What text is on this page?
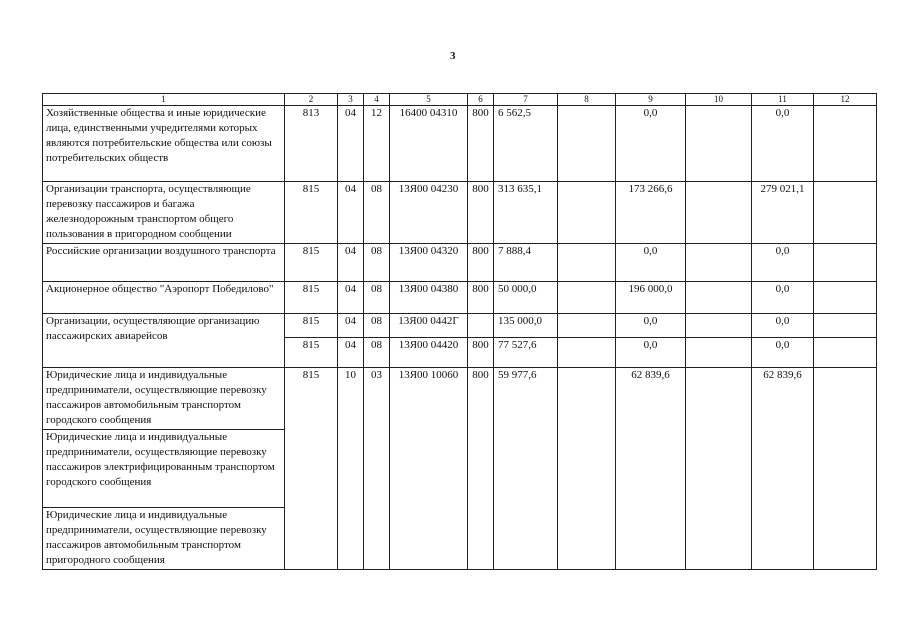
3
1	2	3	4	5	6	7	8	9	10	11	12
Хозяйственные общества и иные юридические лица, единственными учредителями которых являются потребительские общества или союзы потребительских обществ	813	04	12	16400 04310	800	6 562,5		0,0		0,0	
Организации транспорта, осуществляющие перевозку пассажиров и багажа железнодорожным транспортом общего пользования в пригородном сообщении	815	04	08	13Я00 04230	800	313 635,1		173 266,6		279 021,1	
Российские организации воздушного транспорта	815	04	08	13Я00 04320	800	7 888,4		0,0		0,0	
Акционерное общество "Аэропорт Победилово"	815	04	08	13Я00 04380	800	50 000,0		196 000,0		0,0	
Организации, осуществляющие организацию пассажирских авиарейсов	815	04	08	13Я00 0442Г		135 000,0		0,0		0,0	
	815	04	08	13Я00 04420	800	77 527,6		0,0		0,0	
Юридические лица и индивидуальные предприниматели, осуществляющие перевозку пассажиров автомобильным транспортом городского сообщения	815	10	03	13Я00 10060	800	59 977,6		62 839,6		62 839,6	
Юридические лица и индивидуальные предприниматели, осуществляющие перевозку пассажиров электрифицированным транспортом городского сообщения											
Юридические лица и индивидуальные предприниматели, осуществляющие перевозку пассажиров автомобильным транспортом пригородного сообщения											
